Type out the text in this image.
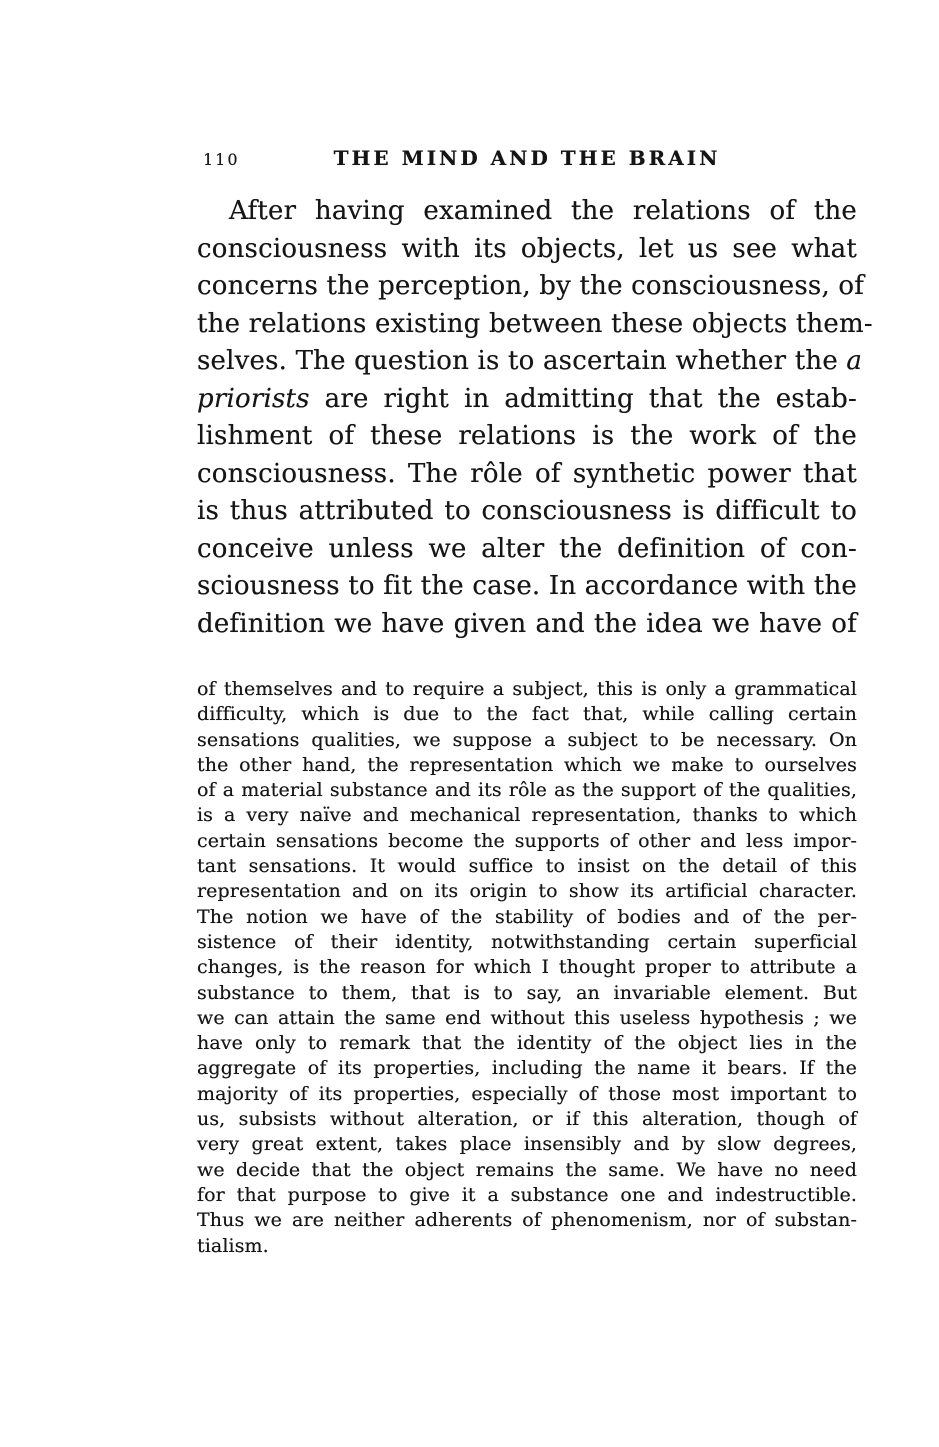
110	THE MIND AND THE BRAIN
After having examined the relations of the
consciousness with its objects, let us see what
concerns the perception, by the consciousness, of
the relations existing between these objects them-
selves. The question is to ascertain whether the a
priorists are right in admitting that the estab-
lishment of these relations is the work of the
consciousness. The rôle of synthetic power that
is thus attributed to consciousness is difficult to
conceive unless we alter the definition of con-
sciousness to fit the case. In accordance with the
definition we have given and the idea we have of
of themselves and to require a subject, this is only a grammatical
difficulty, which is due to the fact that, while calling certain
sensations qualities, we suppose a subject to be necessary. On
the other hand, the representation which we make to ourselves
of a material substance and its rôle as the support of the qualities,
is a very naïve and mechanical representation, thanks to which
certain sensations become the supports of other and less impor-
tant sensations. It would suffice to insist on the detail of this
representation and on its origin to show its artificial character.
The notion we have of the stability of bodies and of the per-
sistence of their identity, notwithstanding certain superficial
changes, is the reason for which I thought proper to attribute a
substance to them, that is to say, an invariable element. But
we can attain the same end without this useless hypothesis ; we
have only to remark that the identity of the object lies in the
aggregate of its properties, including the name it bears. If the
majority of its properties, especially of those most important to
us, subsists without alteration, or if this alteration, though of
very great extent, takes place insensibly and by slow degrees,
we decide that the object remains the same. We have no need
for that purpose to give it a substance one and indestructible.
Thus we are neither adherents of phenomenism, nor of substan-
tialism.
